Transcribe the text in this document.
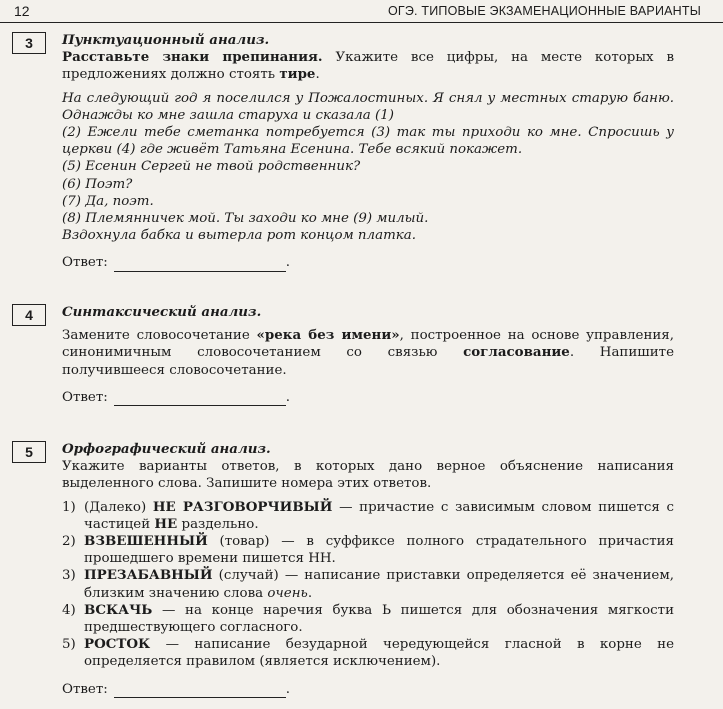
12	ОГЭ. ТИПОВЫЕ ЭКЗАМЕНАЦИОННЫЕ ВАРИАНТЫ
3	Пунктуационный анализ.

Расставьте знаки препинания. Укажите все цифры, на месте которых в предложениях должно стоять тире.

На следующий год я поселился у Пожалостиных. Я снял у местных старую баню. Однажды ко мне зашла старуха и сказала (1)

(2) Ежели тебе сметанка потребуется (3) так ты приходи ко мне. Спросишь у церкви (4) где живёт Татьяна Есенина. Тебе всякий покажет.

(5) Есенин Сергей не твой родственник?

(6) Поэт?

(7) Да, поэт.

(8) Племянничек мой. Ты заходи ко мне (9) милый.

Вздохнула бабка и вытерла рот концом платка.

Ответ:	.
4	Синтаксический анализ.

Замените словосочетание «река без имени», построенное на основе управления, синонимичным словосочетанием со связью согласование. Напишите получившееся словосочетание.

Ответ:	.
5	Орфографический анализ.

Укажите варианты ответов, в которых дано верное объяснение написания выделенного слова. Запишите номера этих ответов.

1) (Далеко) НЕ РАЗГОВОРЧИВЫЙ — причастие с зависимым словом пишется с частицей НЕ раздельно.
2) ВЗВЕШЕННЫЙ (товар) — в суффиксе полного страдательного причастия прошедшего времени пишется НН.
3) ПРЕЗАБАВНЫЙ (случай) — написание приставки определяется её значением, близким значению слова очень.
4) ВСКАЧЬ — на конце наречия буква Ь пишется для обозначения мягкости предшествующего согласного.
5) РОСТОК — написание безударной чередующейся гласной в корне не определяется правилом (является исключением).
Ответ:	.
